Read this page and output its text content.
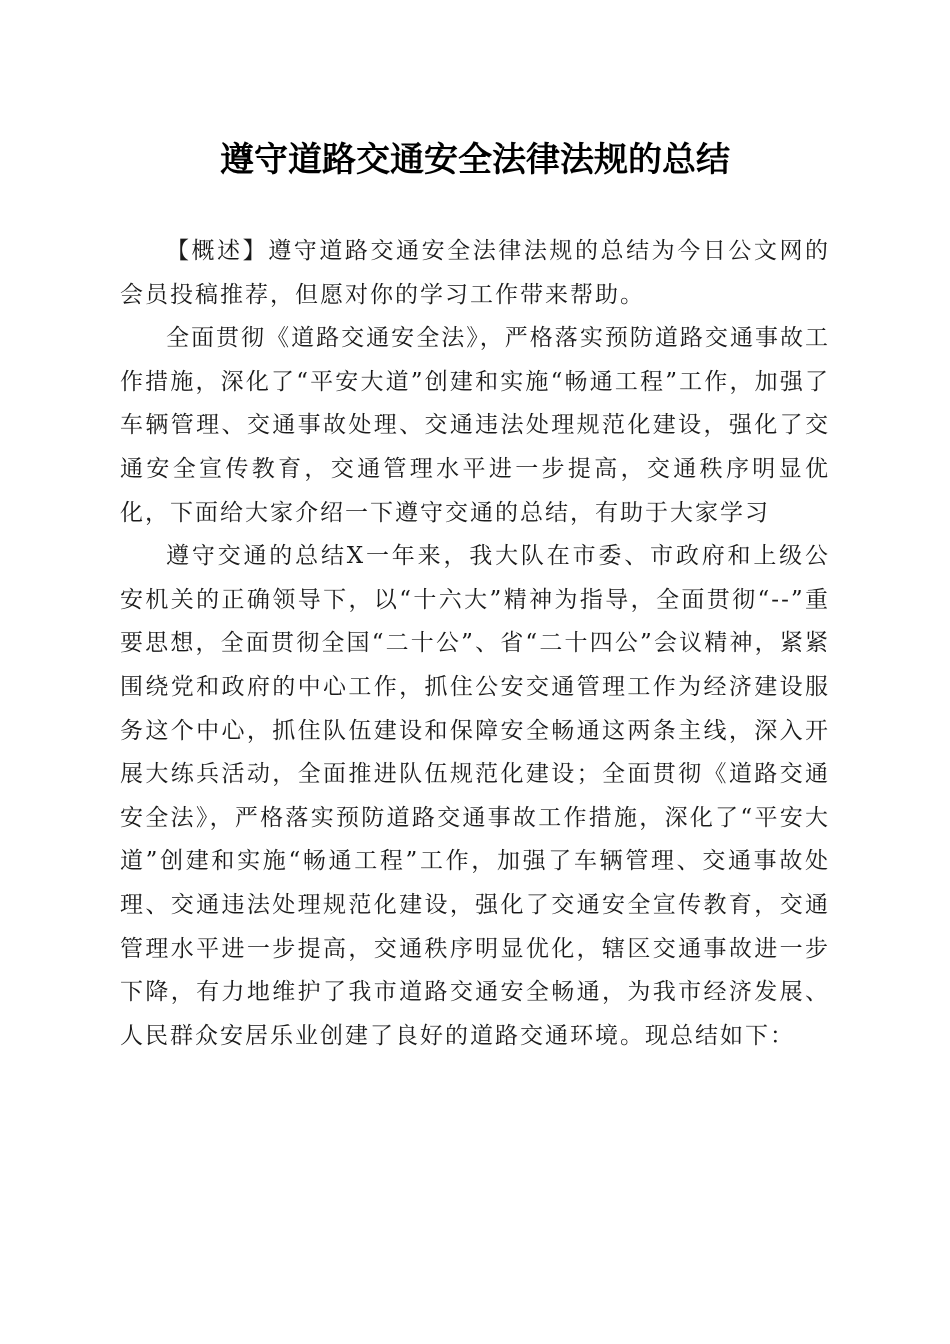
遵守道路交通安全法律法规的总结

【概述】遵守道路交通安全法律法规的总结为今日公文网的会员投稿推荐，但愿对你的学习工作带来帮助。

全面贯彻《道路交通安全法》，严格落实预防道路交通事故工作措施，深化了“平安大道”创建和实施“畅通工程”工作，加强了车辆管理、交通事故处理、交通违法处理规范化建设，强化了交通安全宣传教育，交通管理水平进一步提高，交通秩序明显优化，下面给大家介绍一下遵守交通的总结，有助于大家学习

遵守交通的总结X一年来，我大队在市委、市政府和上级公安机关的正确领导下，以“十六大”精神为指导，全面贯彻“--”重要思想，全面贯彻全国“二十公”、省“二十四公”会议精神，紧紧围绕党和政府的中心工作，抓住公安交通管理工作为经济建设服务这个中心，抓住队伍建设和保障安全畅通这两条主线，深入开展大练兵活动，全面推进队伍规范化建设；全面贯彻《道路交通安全法》，严格落实预防道路交通事故工作措施，深化了“平安大道”创建和实施“畅通工程”工作，加强了车辆管理、交通事故处理、交通违法处理规范化建设，强化了交通安全宣传教育，交通管理水平进一步提高，交通秩序明显优化，辖区交通事故进一步下降，有力地维护了我市道路交通安全畅通，为我市经济发展、人民群众安居乐业创建了良好的道路交通环境。现总结如下：
